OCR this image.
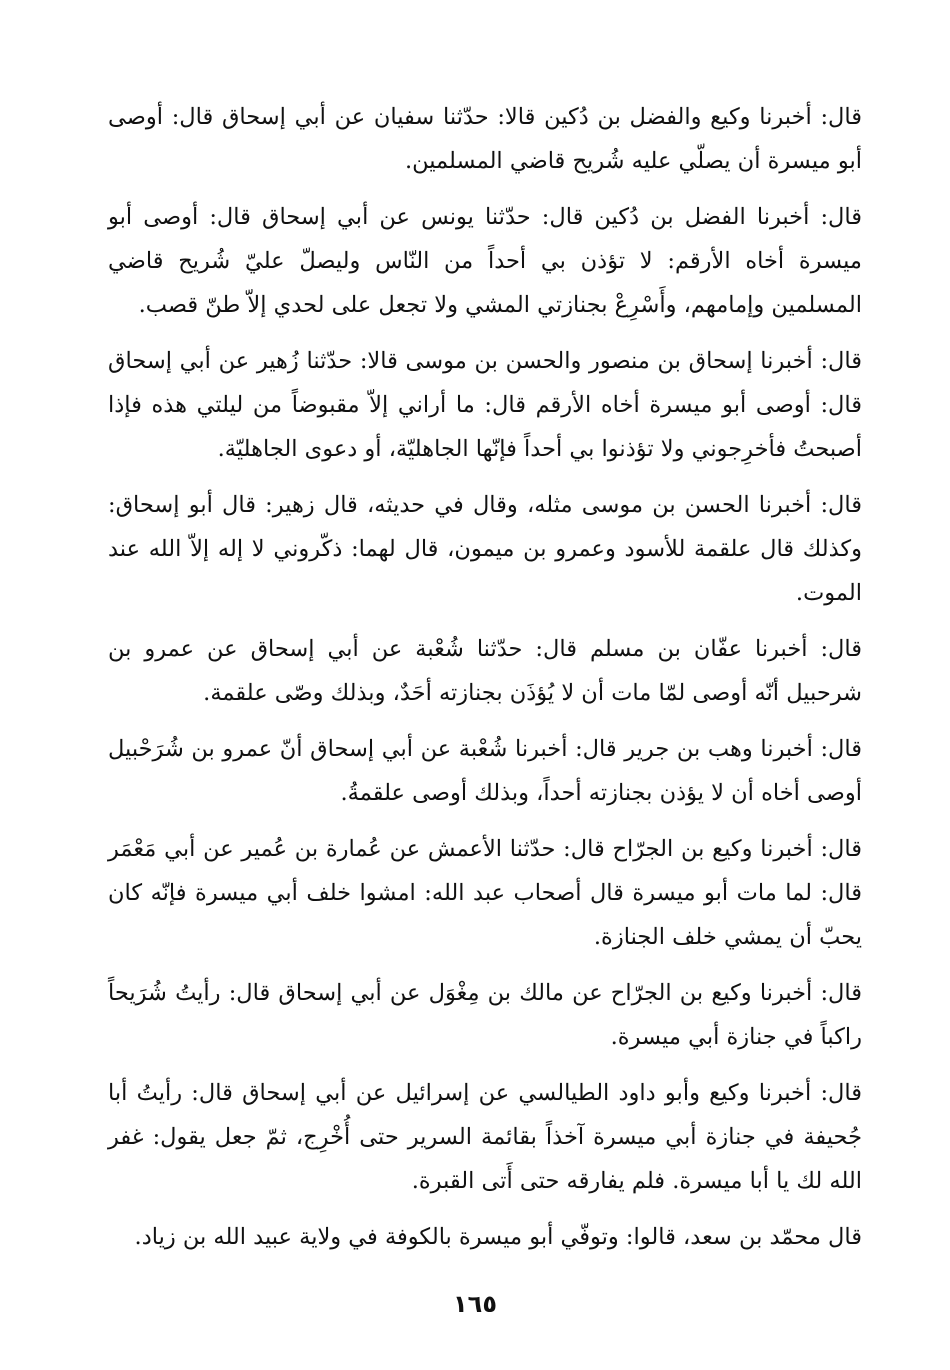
قال: أخبرنا وكيع والفضل بن دُكين قالا: حدّثنا سفيان عن أبي إسحاق قال: أوصى أبو ميسرة أن يصلّي عليه شُريح قاضي المسلمين.

قال: أخبرنا الفضل بن دُكين قال: حدّثنا يونس عن أبي إسحاق قال: أوصى أبو ميسرة أخاه الأرقم: لا تؤذن بي أحداً من النّاس وليصلّ عليّ شُريح قاضي المسلمين وإمامهم، وأَسْرِعْ بجنازتي المشي ولا تجعل على لحدي إلاّ طنّ قصب.

قال: أخبرنا إسحاق بن منصور والحسن بن موسى قالا: حدّثنا زُهير عن أبي إسحاق قال: أوصى أبو ميسرة أخاه الأرقم قال: ما أراني إلاّ مقبوضاً من ليلتي هذه فإذا أصبحتُ فأخرِجوني ولا تؤذنوا بي أحداً فإنّها الجاهليّة، أو دعوى الجاهليّة.

قال: أخبرنا الحسن بن موسى مثله، وقال في حديثه، قال زهير: قال أبو إسحاق: وكذلك قال علقمة للأسود وعمرو بن ميمون، قال لهما: ذكّروني لا إله إلاّ الله عند الموت.

قال: أخبرنا عفّان بن مسلم قال: حدّثنا شُعْبة عن أبي إسحاق عن عمرو بن شرحبيل أنّه أوصى لمّا مات أن لا يُؤذَن بجنازته أحَدٌ، وبذلك وصّى علقمة.

قال: أخبرنا وهب بن جرير قال: أخبرنا شُعْبة عن أبي إسحاق أنّ عمرو بن شُرَحْبيل أوصى أخاه أن لا يؤذن بجنازته أحداً، وبذلك أوصى علقمةُ.

قال: أخبرنا وكيع بن الجرّاح قال: حدّثنا الأعمش عن عُمارة بن عُمير عن أبي مَعْمَر قال: لما مات أبو ميسرة قال أصحاب عبد الله: امشوا خلف أبي ميسرة فإنّه كان يحبّ أن يمشي خلف الجنازة.

قال: أخبرنا وكيع بن الجرّاح عن مالك بن مِغْوَل عن أبي إسحاق قال: رأيتُ شُرَيحاً راكباً في جنازة أبي ميسرة.

قال: أخبرنا وكيع وأبو داود الطيالسي عن إسرائيل عن أبي إسحاق قال: رأيتُ أبا جُحيفة في جنازة أبي ميسرة آخذاً بقائمة السرير حتى أُخْرِج، ثمّ جعل يقول: غفر الله لك يا أبا ميسرة. فلم يفارقه حتى أَتى القبرة.

قال محمّد بن سعد، قالوا: وتوفّي أبو ميسرة بالكوفة في ولاية عبيد الله بن زياد.

١٦٥
